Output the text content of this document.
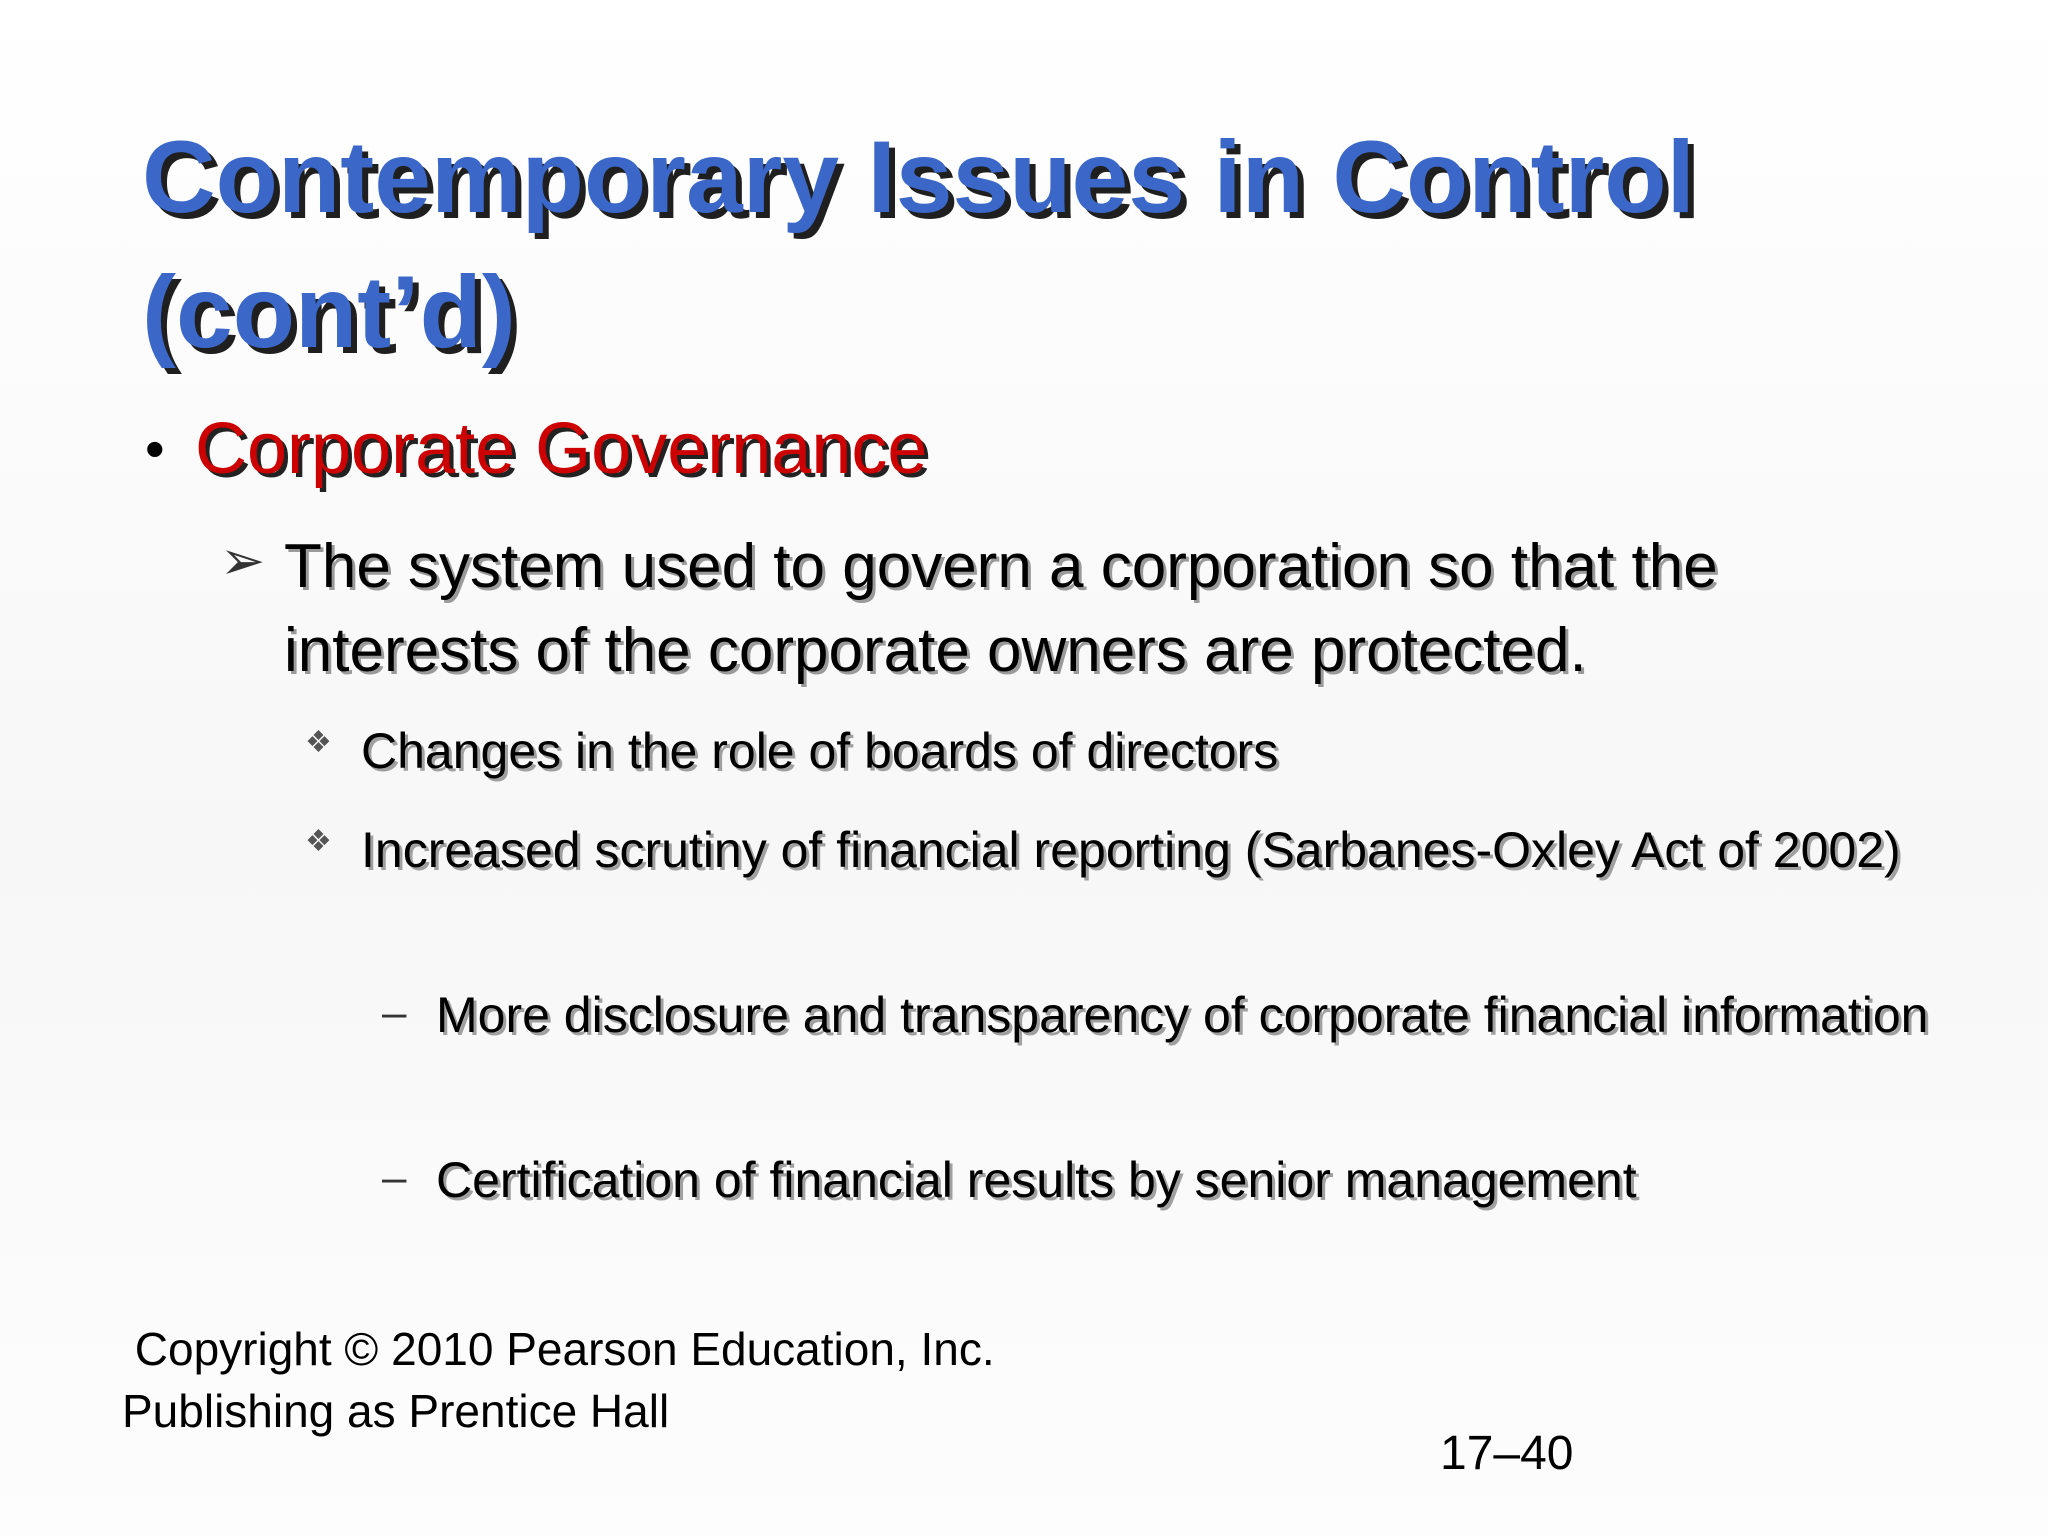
Contemporary Issues in Control (cont’d)
• Corporate Governance
➢ The system used to govern a corporation so that the interests of the corporate owners are protected.
❖ Changes in the role of boards of directors
❖ Increased scrutiny of financial reporting (Sarbanes-Oxley Act of 2002)
– More disclosure and transparency of corporate financial information
– Certification of financial results by senior management
Copyright © 2010 Pearson Education, Inc.
Publishing as Prentice Hall
17–40
